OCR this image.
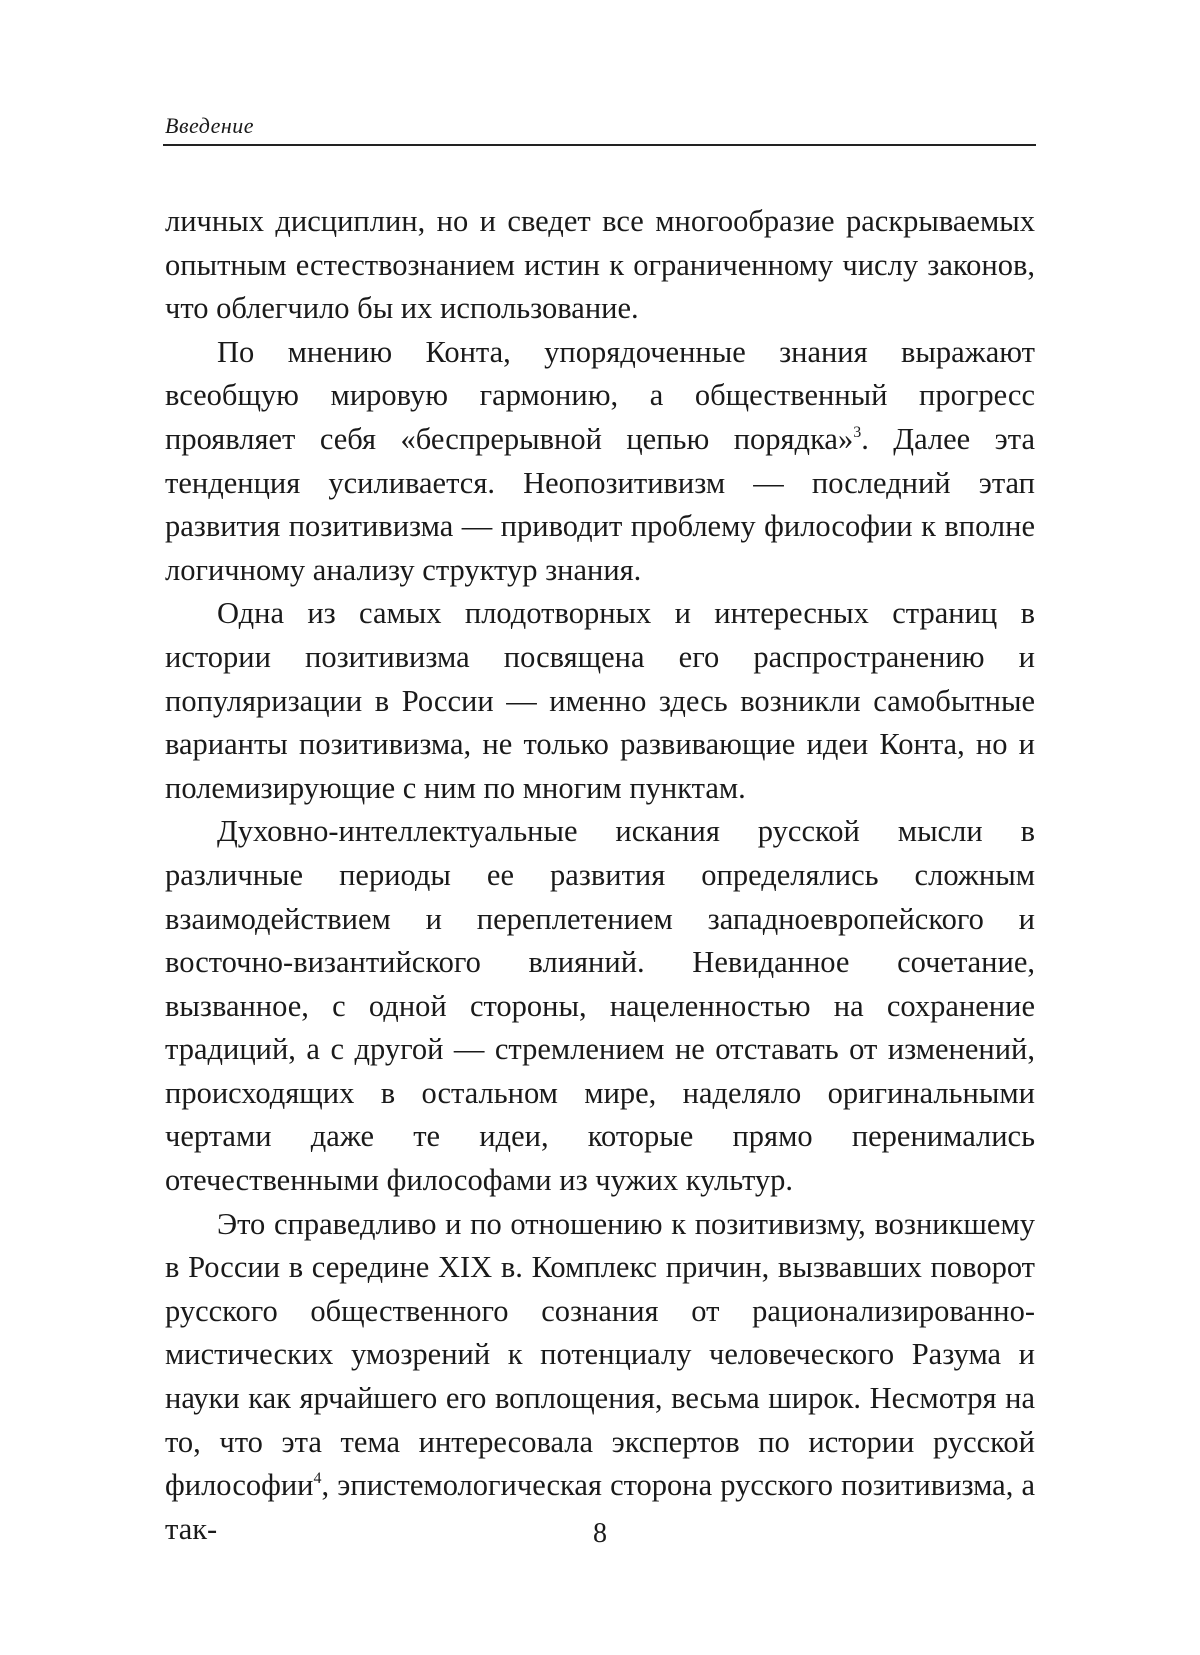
Введение

личных дисциплин, но и сведет все многообразие раскрываемых опытным естествознанием истин к ограниченному числу законов, что облегчило бы их использование.

По мнению Конта, упорядоченные знания выражают всеобщую мировую гармонию, а общественный прогресс проявляет себя «беспрерывной цепью порядка»$^3$. Далее эта тенденция усиливается. Неопозитивизм — последний этап развития позитивизма — приводит проблему философии к вполне логичному анализу структур знания.

Одна из самых плодотворных и интересных страниц в истории позитивизма посвящена его распространению и популяризации в России — именно здесь возникли самобытные варианты позитивизма, не только развивающие идеи Конта, но и полемизирующие с ним по многим пунктам.

Духовно-интеллектуальные искания русской мысли в различные периоды ее развития определялись сложным взаимодействием и переплетением западноевропейского и восточно-византийского влияний. Невиданное сочетание, вызванное, с одной стороны, нацеленностью на сохранение традиций, а с другой — стремлением не отставать от изменений, происходящих в остальном мире, наделяло оригинальными чертами даже те идеи, которые прямо перенимались отечественными философами из чужих культур.

Это справедливо и по отношению к позитивизму, возникшему в России в середине XIX в. Комплекс причин, вызвавших поворот русского общественного сознания от рационализированно-мистических умозрений к потенциалу человеческого Разума и науки как ярчайшего его воплощения, весьма широк. Несмотря на то, что эта тема интересовала экспертов по истории русской философии$^4$, эпистемологическая сторона русского позитивизма, а так-	8
